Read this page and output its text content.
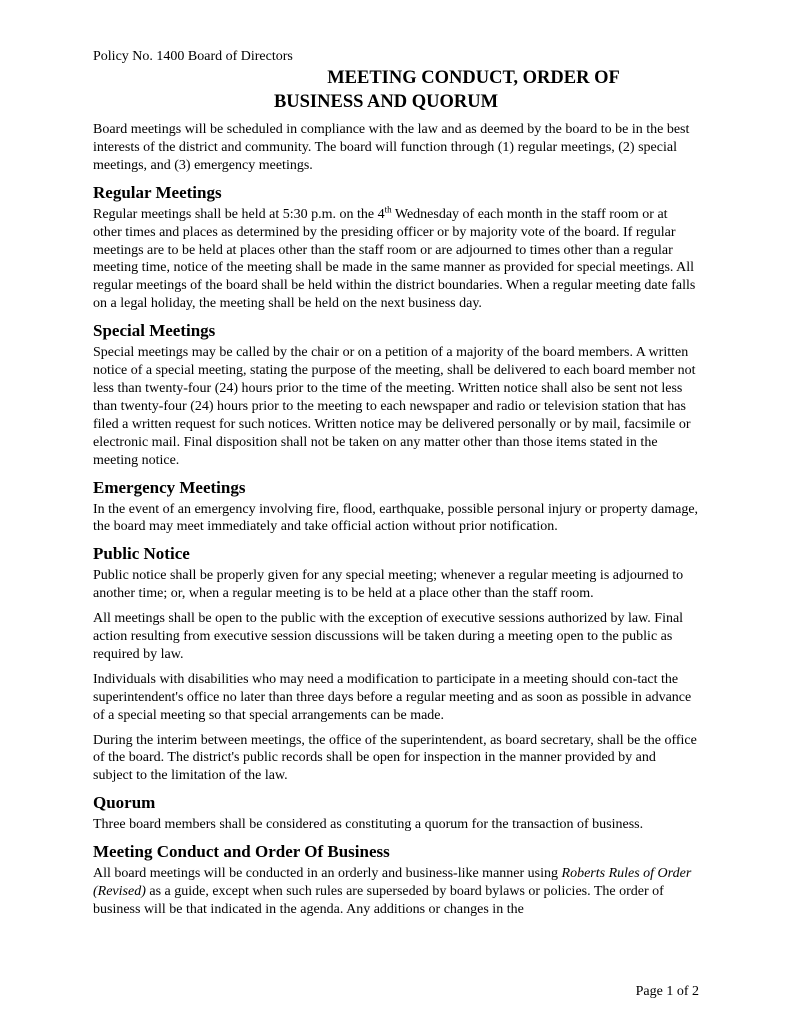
Policy No. 1400 Board of Directors
MEETING CONDUCT, ORDER OF
BUSINESS AND QUORUM

Board meetings will be scheduled in compliance with the law and as deemed by the board to be in the best interests of the district and community. The board will function through (1) regular meetings, (2) special meetings, and (3) emergency meetings.

Regular Meetings

Regular meetings shall be held at 5:30 p.m. on the 4th Wednesday of each month in the staff room or at other times and places as determined by the presiding officer or by majority vote of the board. If regular meetings are to be held at places other than the staff room or are adjourned to times other than a regular meeting time, notice of the meeting shall be made in the same manner as provided for special meetings. All regular meetings of the board shall be held within the district boundaries. When a regular meeting date falls on a legal holiday, the meeting shall be held on the next business day.

Special Meetings

Special meetings may be called by the chair or on a petition of a majority of the board members. A written notice of a special meeting, stating the purpose of the meeting, shall be delivered to each board member not less than twenty-four (24) hours prior to the time of the meeting. Written notice shall also be sent not less than twenty-four (24) hours prior to the meeting to each newspaper and radio or television station that has filed a written request for such notices. Written notice may be delivered personally or by mail, facsimile or electronic mail. Final disposition shall not be taken on any matter other than those items stated in the meeting notice.

Emergency Meetings

In the event of an emergency involving fire, flood, earthquake, possible personal injury or property damage, the board may meet immediately and take official action without prior notification.

Public Notice

Public notice shall be properly given for any special meeting; whenever a regular meeting is adjourned to another time; or, when a regular meeting is to be held at a place other than the staff room.

All meetings shall be open to the public with the exception of executive sessions authorized by law. Final action resulting from executive session discussions will be taken during a meeting open to the public as required by law.

Individuals with disabilities who may need a modification to participate in a meeting should con-tact the superintendent's office no later than three days before a regular meeting and as soon as possible in advance of a special meeting so that special arrangements can be made.

During the interim between meetings, the office of the superintendent, as board secretary, shall be the office of the board. The district's public records shall be open for inspection in the manner provided by and subject to the limitation of the law.

Quorum

Three board members shall be considered as constituting a quorum for the transaction of business.

Meeting Conduct and Order Of Business

All board meetings will be conducted in an orderly and business-like manner using Roberts Rules of Order (Revised) as a guide, except when such rules are superseded by board bylaws or policies. The order of business will be that indicated in the agenda. Any additions or changes in the

Page 1 of 2
